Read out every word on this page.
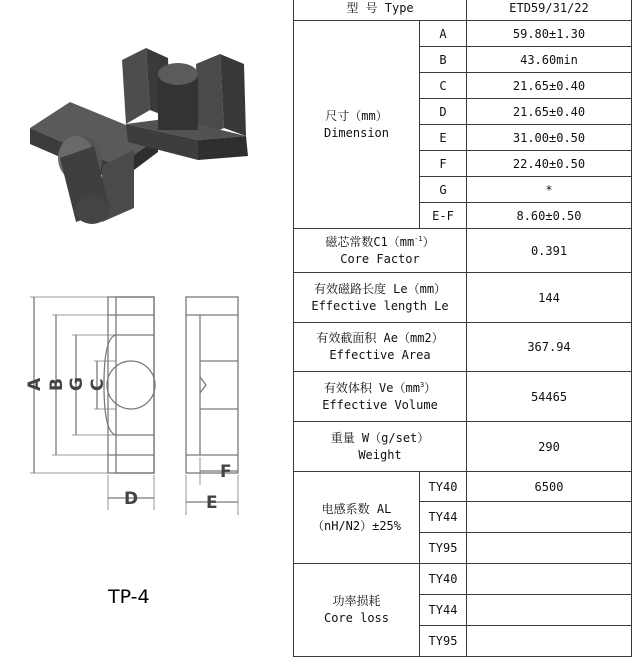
A B G C
D	E
F
TP-4
型 号 Type		ETD59/31/22

尺寸（mm）
Dimension	A	59.80±1.30
	B	43.60min
	C	21.65±0.40
	D	21.65±0.40
	E	31.00±0.50
	F	22.40±0.50
	G	*
	E-F	8.60±0.50

磁芯常数$C1(mm^{-1})$
Core Factor		0.391

有效磁路长度 Le（mm）
Effective length Le		144

有效截面积 Ae（mm2）
Effective Area		367.94

有效体积 $Ve(mm^3)$
Effective Volume		54465

重量 W（g/set）
Weight		290

电感系数 AL
（nH/N2）±25%	TY40	6500
	TY44	
	TY95	

功率损耗
Core loss	TY40	
	TY44	
	TY95	
